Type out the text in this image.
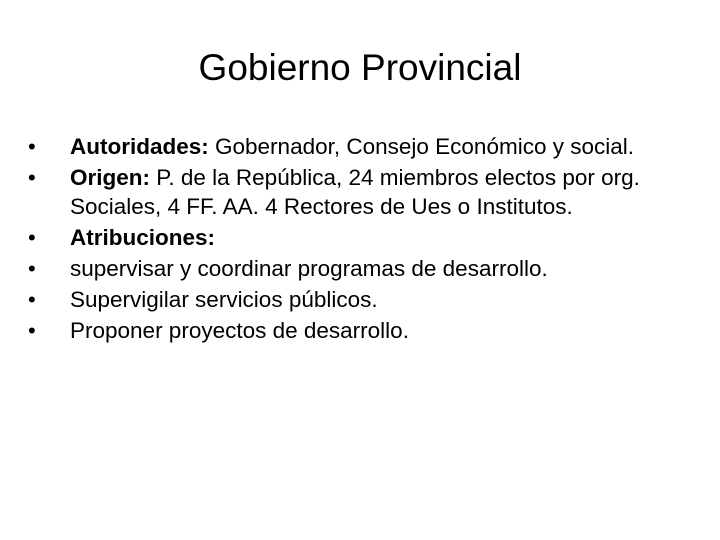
Gobierno Provincial
•	Autoridades: Gobernador, Consejo Económico y social.
•	Origen: P. de la República, 24 miembros electos por org. Sociales, 4 FF. AA. 4 Rectores de Ues o Institutos.
•	Atribuciones:
•	supervisar y coordinar programas de desarrollo.
•	Supervigilar servicios públicos.
•	Proponer proyectos de desarrollo.
